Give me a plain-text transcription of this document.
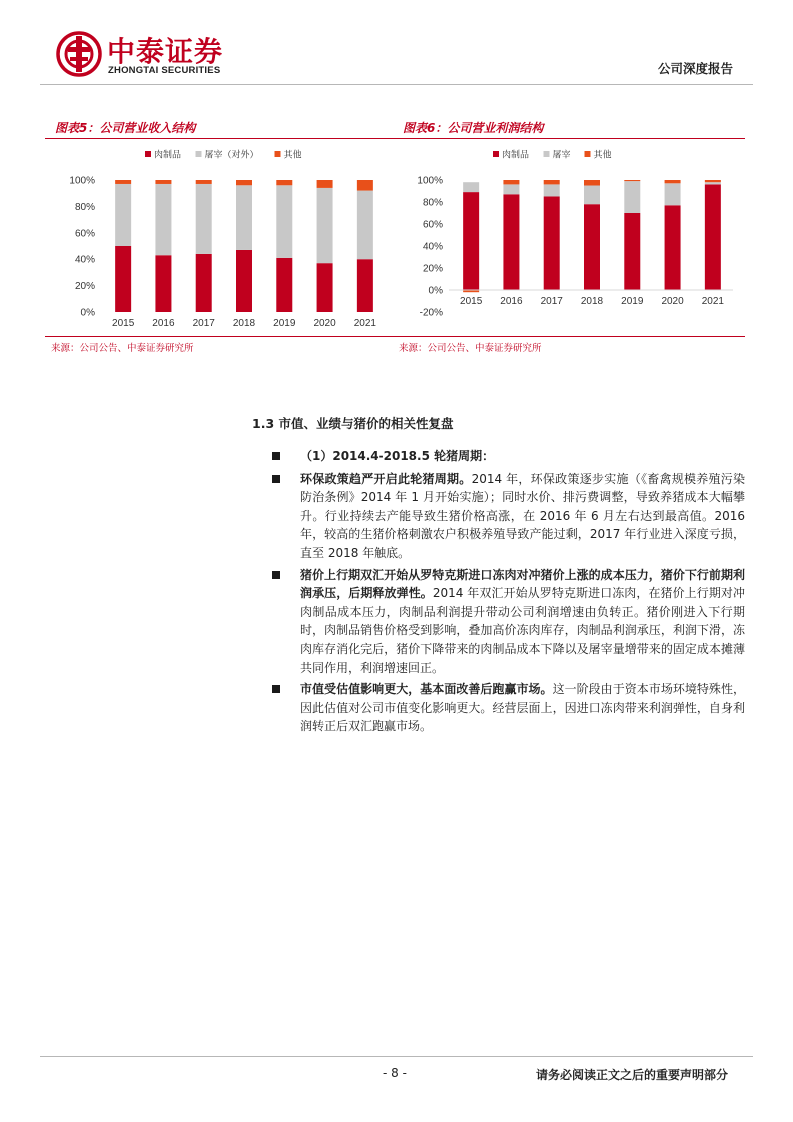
中泰证券
ZHONGTAI SECURITIES	公司深度报告
图表5：公司营业收入结构
肉制品	屠宰（对外）	其他
0%
20%
40%
60%
80%
100%
2015 2016 2017 2018 2019 2020 2021
来源：公司公告、中泰证券研究所
图表6：公司营业利润结构
肉制品	屠宰	其他
-20%
0%
20%
40%
60%
80%
100%
2015 2016 2017 2018 2019 2020 2021
来源：公司公告、中泰证券研究所
1.3 市值、业绩与猪价的相关性复盘
（1）2014.4-2018.5 轮猪周期：
环保政策趋严开启此轮猪周期。2014 年，环保政策逐步实施（《畜禽规模养殖污染防治条例》2014 年 1 月开始实施）；同时水价、排污费调整，导致养猪成本大幅攀升。行业持续去产能导致生猪价格高涨，在 2016 年 6 月左右达到最高值。2016 年，较高的生猪价格刺激农户积极养殖导致产能过剩，2017 年行业进入深度亏损，直至 2018 年触底。
猪价上行期双汇开始从罗特克斯进口冻肉对冲猪价上涨的成本压力，猪价下行前期利润承压，后期释放弹性。2014 年双汇开始从罗特克斯进口冻肉，在猪价上行期对冲肉制品成本压力，肉制品利润提升带动公司利润增速由负转正。猪价刚进入下行期时，肉制品销售价格受到影响，叠加高价冻肉库存，肉制品利润承压，利润下滑，冻肉库存消化完后，猪价下降带来的肉制品成本下降以及屠宰量增带来的固定成本摊薄共同作用，利润增速回正。
市值受估值影响更大，基本面改善后跑赢市场。这一阶段由于资本市场环境特殊性，因此估值对公司市值变化影响更大。经营层面上，因进口冻肉带来利润弹性，自身利润转正后双汇跑赢市场。
- 8 -	请务必阅读正文之后的重要声明部分
